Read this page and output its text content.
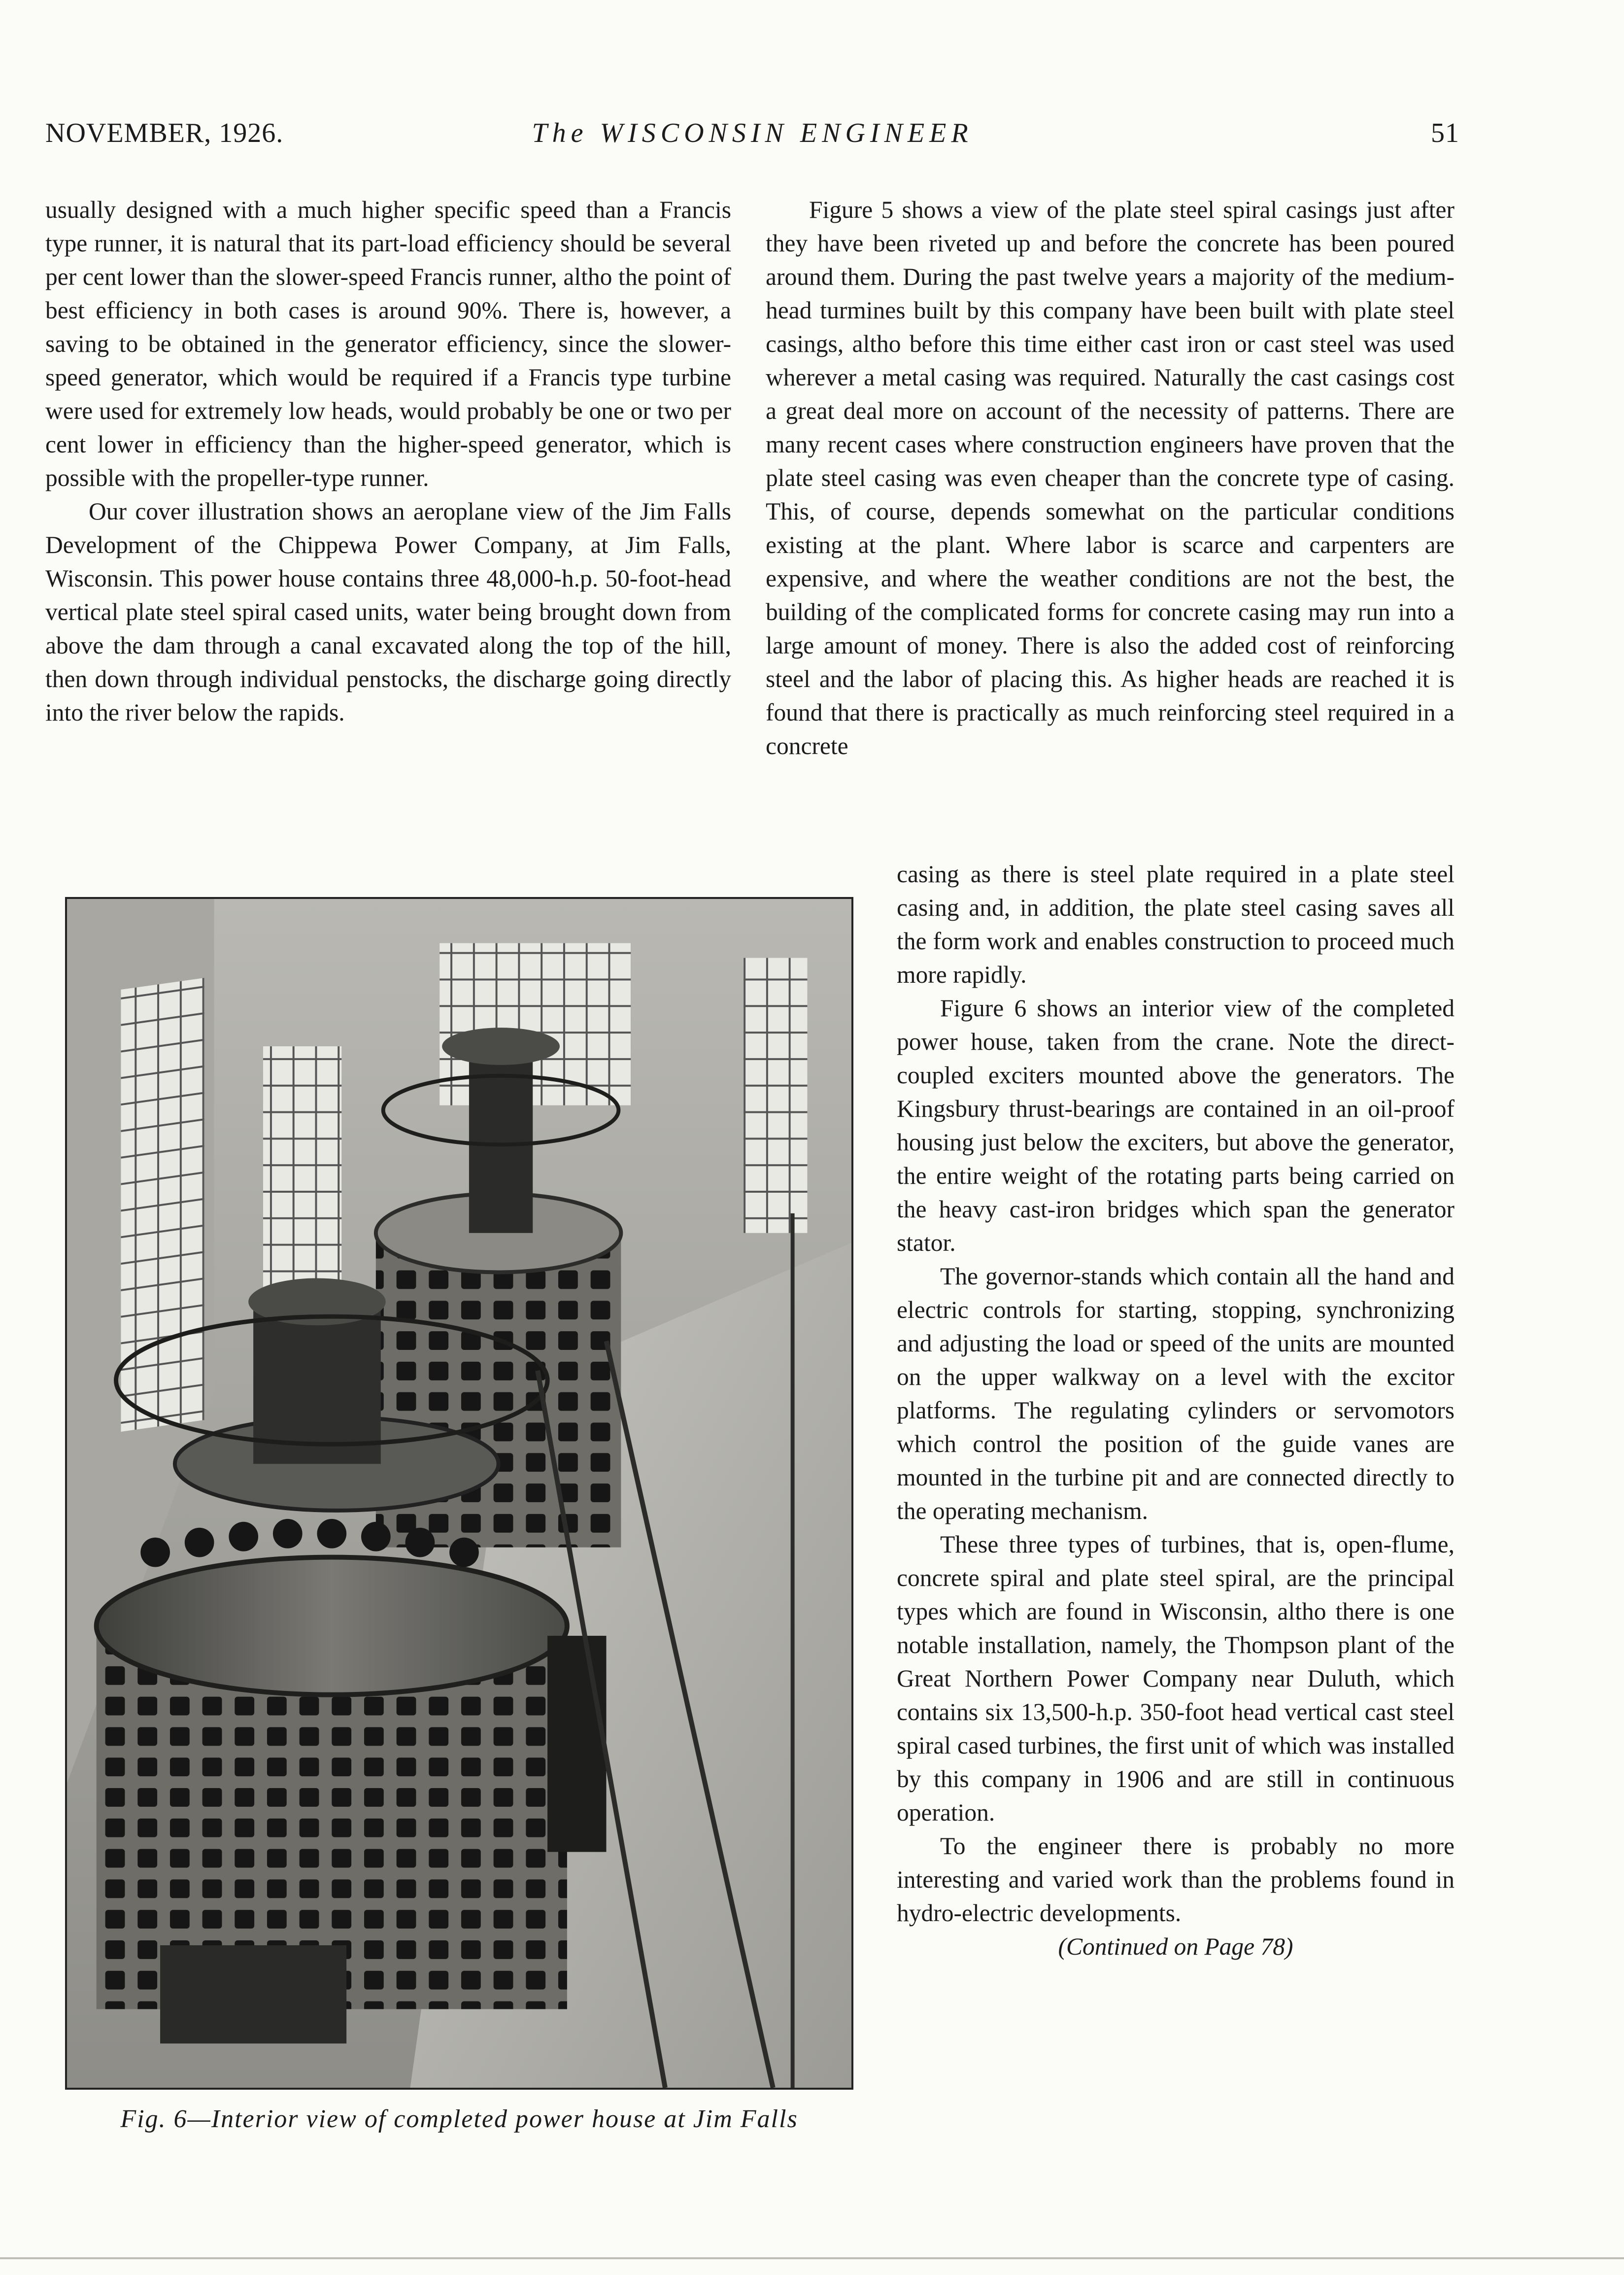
NOVEMBER, 1926.	The WISCONSIN ENGINEER	51

usually designed with a much higher specific speed than a Francis type runner, it is natural that its part-load efficiency should be several per cent lower than the slower-speed Francis runner, altho the point of best efficiency in both cases is around 90%. There is, however, a saving to be obtained in the generator efficiency, since the slower-speed generator, which would be required if a Francis type turbine were used for extremely low heads, would probably be one or two per cent lower in efficiency than the higher-speed generator, which is possible with the propeller-type runner.

Our cover illustration shows an aeroplane view of the Jim Falls Development of the Chippewa Power Company, at Jim Falls, Wisconsin. This power house contains three 48,000-h.p. 50-foot-head vertical plate steel spiral cased units, water being brought down from above the dam through a canal excavated along the top of the hill, then down through individual penstocks, the discharge going directly into the river below the rapids.

Figure 5 shows a view of the plate steel spiral casings just after they have been riveted up and before the concrete has been poured around them. During the past twelve years a majority of the medium-head turmines built by this company have been built with plate steel casings, altho before this time either cast iron or cast steel was used wherever a metal casing was required. Naturally the cast casings cost a great deal more on account of the necessity of patterns. There are many recent cases where construction engineers have proven that the plate steel casing was even cheaper than the concrete type of casing. This, of course, depends somewhat on the particular conditions existing at the plant. Where labor is scarce and carpenters are expensive, and where the weather conditions are not the best, the building of the complicated forms for concrete casing may run into a large amount of money. There is also the added cost of reinforcing steel and the labor of placing this. As higher heads are reached it is found that there is practically as much reinforcing steel required in a concrete

casing as there is steel plate required in a plate steel casing and, in addition, the plate steel casing saves all the form work and enables construction to proceed much more rapidly.

Figure 6 shows an interior view of the completed power house, taken from the crane. Note the direct-coupled exciters mounted above the generators. The Kingsbury thrust-bearings are contained in an oil-proof housing just below the exciters, but above the generator, the entire weight of the rotating parts being carried on the heavy cast-iron bridges which span the generator stator.

The governor-stands which contain all the hand and electric controls for starting, stopping, synchronizing and adjusting the load or speed of the units are mounted on the upper walkway on a level with the excitor platforms. The regulating cylinders or servomotors which control the position of the guide vanes are mounted in the turbine pit and are connected directly to the operating mechanism.

These three types of turbines, that is, open-flume, concrete spiral and plate steel spiral, are the principal types which are found in Wisconsin, altho there is one notable installation, namely, the Thompson plant of the Great Northern Power Company near Duluth, which contains six 13,500-h.p. 350-foot head vertical cast steel spiral cased turbines, the first unit of which was installed by this company in 1906 and are still in continuous operation.

To the engineer there is probably no more interesting and varied work than the problems found in hydro-electric developments.

(Continued on Page 78)
Fig. 6—Interior view of completed power house at Jim Falls
